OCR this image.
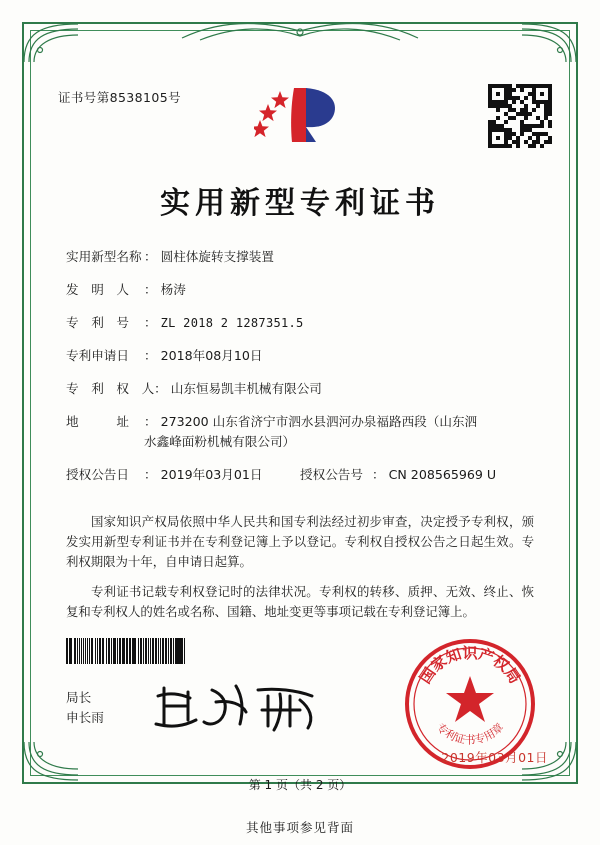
证书号第8538105号
实用新型专利证书
实用新型名称 ： 圆柱体旋转支撑装置
发　明　人	： 杨涛
专　利　号	： ZL 2018 2 1287351.5
专利申请日	： 2018年08月10日
专　利　权　人 ： 山东恒易凯丰机械有限公司
地　　　址	： 273200 山东省济宁市泗水县泗河办泉福路西段（山东泗
水鑫峰面粉机械有限公司）
授权公告日	： 2019年03月01日	授权公告号 ： CN 208565969 U

国家知识产权局依照中华人民共和国专利法经过初步审查，决定授予专利权，颁发实用新型专利证书并在专利登记簿上予以登记。专利权自授权公告之日起生效。专利权期限为十年，自申请日起算。

专利证书记载专利权登记时的法律状况。专利权的转移、质押、无效、终止、恢复和专利权人的姓名或名称、国籍、地址变更等事项记载在专利登记簿上。

局长
申长雨
国家知识产权局
专利证书专用章
2019年03月01日
第 1 页（共 2 页）
其他事项参见背面
